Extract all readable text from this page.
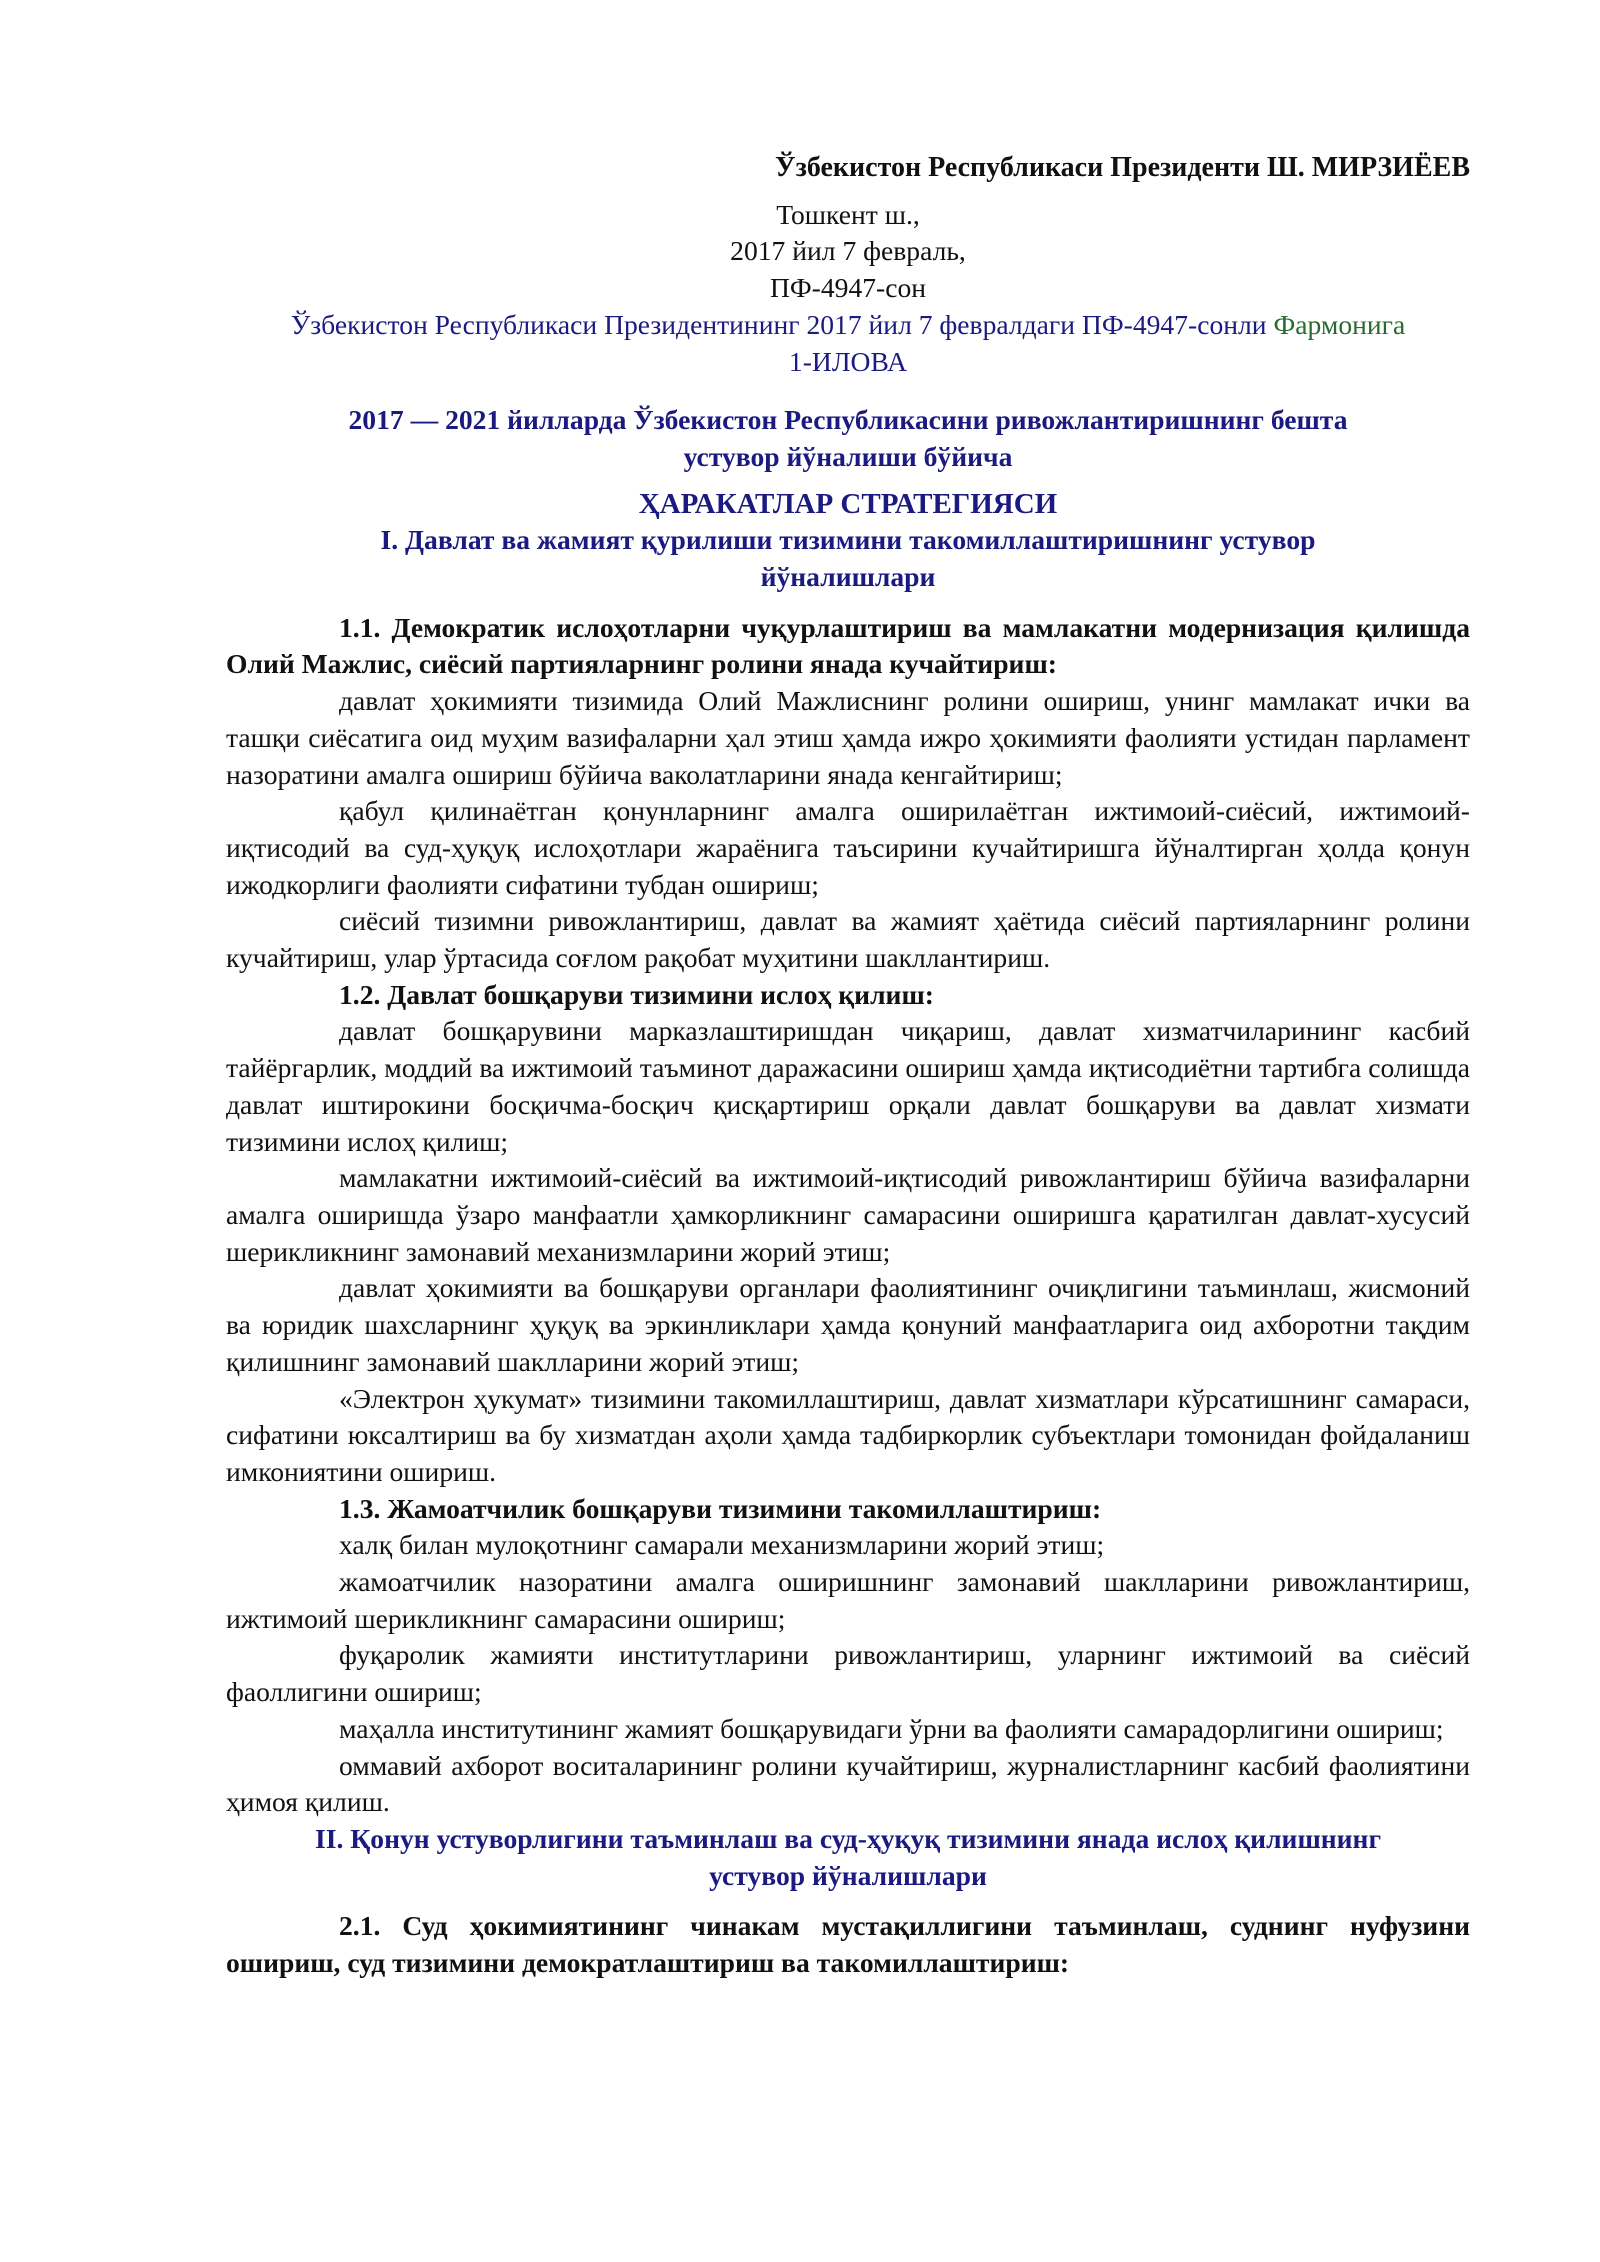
Ўзбекистон Республикаси Президенти Ш. МИРЗИЁЕВ

Тошкент ш.,

2017 йил 7 февраль,

ПФ-4947-сон

Ўзбекистон Республикаси Президентининг 2017 йил 7 февралдаги ПФ-4947-сонли Фармонига

1-ИЛОВА

2017 — 2021 йилларда Ўзбекистон Республикасини ривожлантиришнинг бешта

устувор йўналиши бўйича

ҲАРАКАТЛАР СТРАТЕГИЯСИ

I. Давлат ва жамият қурилиши тизимини такомиллаштиришнинг устувор

йўналишлари

1.1. Демократик ислоҳотларни чуқурлаштириш ва мамлакатни модернизация қилишда Олий Мажлис, сиёсий партияларнинг ролини янада кучайтириш:

давлат ҳокимияти тизимида Олий Мажлиснинг ролини ошириш, унинг мамлакат ички ва ташқи сиёсатига оид муҳим вазифаларни ҳал этиш ҳамда ижро ҳокимияти фаолияти устидан парламент назоратини амалга ошириш бўйича ваколатларини янада кенгайтириш;

қабул қилинаётган қонунларнинг амалга оширилаётган ижтимоий-сиёсий, ижтимоий-иқтисодий ва суд-ҳуқуқ ислоҳотлари жараёнига таъсирини кучайтиришга йўналтирган ҳолда қонун ижодкорлиги фаолияти сифатини тубдан ошириш;

сиёсий тизимни ривожлантириш, давлат ва жамият ҳаётида сиёсий партияларнинг ролини кучайтириш, улар ўртасида соғлом рақобат муҳитини шакллантириш.

1.2. Давлат бошқаруви тизимини ислоҳ қилиш:

давлат бошқарувини марказлаштиришдан чиқариш, давлат хизматчиларининг касбий тайёргарлик, моддий ва ижтимоий таъминот даражасини ошириш ҳамда иқтисодиётни тартибга солишда давлат иштирокини босқичма-босқич қисқартириш орқали давлат бошқаруви ва давлат хизмати тизимини ислоҳ қилиш;

мамлакатни ижтимоий-сиёсий ва ижтимоий-иқтисодий ривожлантириш бўйича вазифаларни амалга оширишда ўзаро манфаатли ҳамкорликнинг самарасини оширишга қаратилган давлат-хусусий шерикликнинг замонавий механизмларини жорий этиш;

давлат ҳокимияти ва бошқаруви органлари фаолиятининг очиқлигини таъминлаш, жисмоний ва юридик шахсларнинг ҳуқуқ ва эркинликлари ҳамда қонуний манфаатларига оид ахборотни тақдим қилишнинг замонавий шаклларини жорий этиш;

«Электрон ҳукумат» тизимини такомиллаштириш, давлат хизматлари кўрсатишнинг самараси, сифатини юксалтириш ва бу хизматдан аҳоли ҳамда тадбиркорлик субъектлари томонидан фойдаланиш имкониятини ошириш.

1.3. Жамоатчилик бошқаруви тизимини такомиллаштириш:

халқ билан мулоқотнинг самарали механизмларини жорий этиш;

жамоатчилик назоратини амалга оширишнинг замонавий шаклларини ривожлантириш, ижтимоий шерикликнинг самарасини ошириш;

фуқаролик жамияти институтларини ривожлантириш, уларнинг ижтимоий ва сиёсий фаоллигини ошириш;

маҳалла институтининг жамият бошқарувидаги ўрни ва фаолияти самарадорлигини ошириш;

оммавий ахборот воситаларининг ролини кучайтириш, журналистларнинг касбий фаолиятини ҳимоя қилиш.

II. Қонун устуворлигини таъминлаш ва суд-ҳуқуқ тизимини янада ислоҳ қилишнинг

устувор йўналишлари

2.1. Суд ҳокимиятининг чинакам мустақиллигини таъминлаш, суднинг нуфузини ошириш, суд тизимини демократлаштириш ва такомиллаштириш:
